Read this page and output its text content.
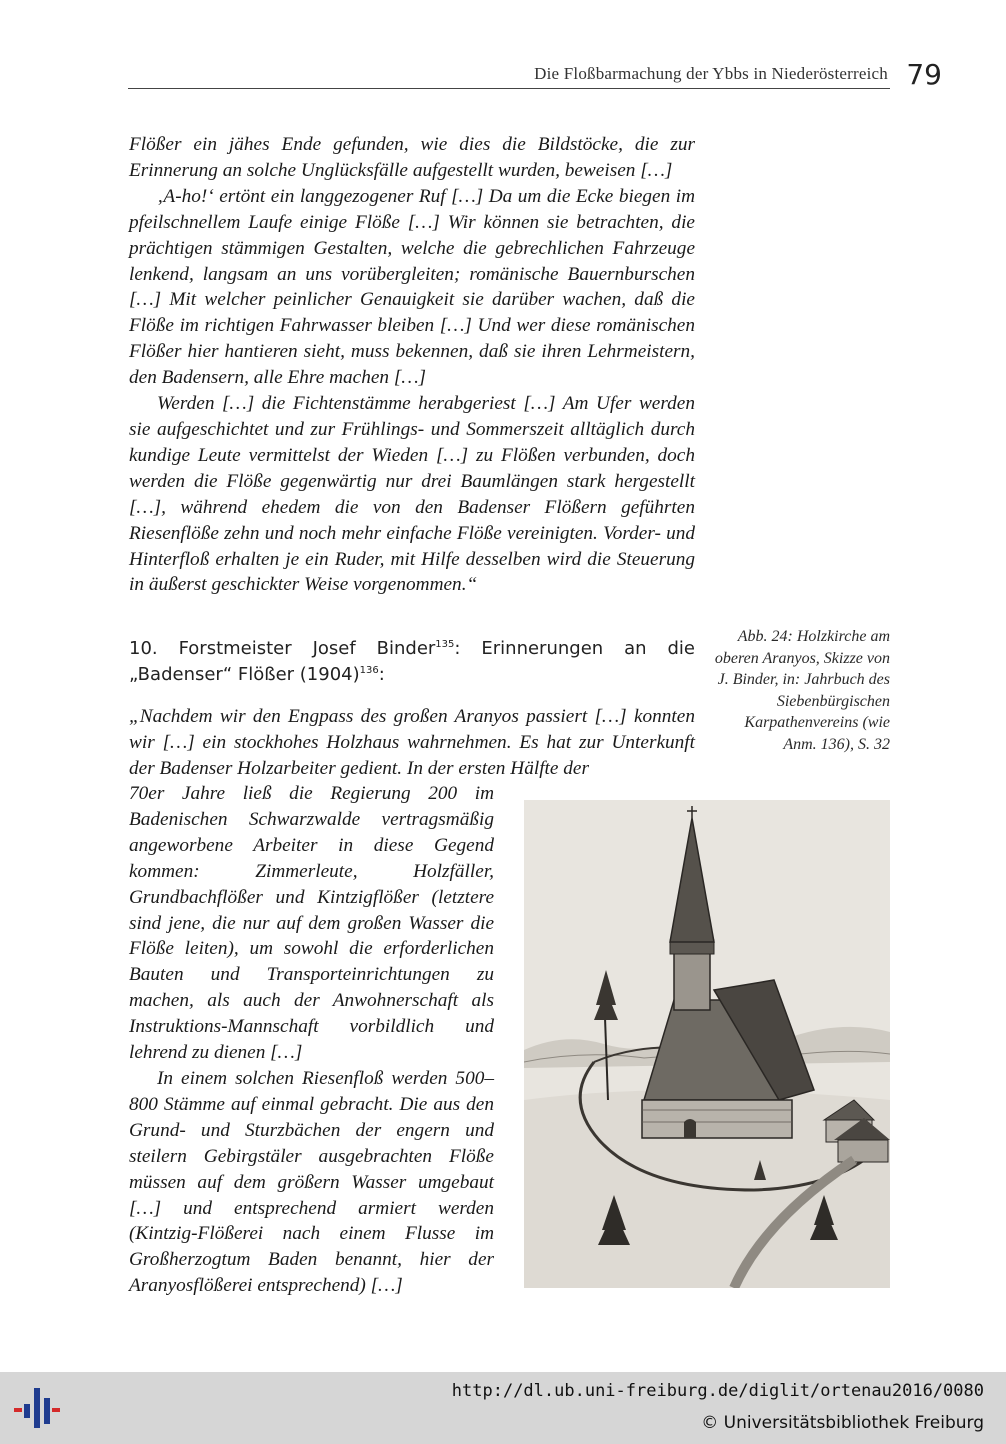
Die Floßbarmachung der Ybbs in Niederösterreich 79

Flößer ein jähes Ende gefunden, wie dies die Bildstöcke, die zur Erinnerung an solche Unglücksfälle aufgestellt wurden, beweisen […]

‚A-ho!‘ ertönt ein langgezogener Ruf […] Da um die Ecke biegen im pfeilschnellem Laufe einige Flöße […] Wir können sie betrachten, die prächtigen stämmigen Gestalten, welche die gebrechlichen Fahrzeuge lenkend, langsam an uns vorübergleiten; romänische Bauernburschen […] Mit welcher peinlicher Genauigkeit sie darüber wachen, daß die Flöße im richtigen Fahrwasser bleiben […] Und wer diese romänischen Flößer hier hantieren sieht, muss bekennen, daß sie ihren Lehrmeistern, den Badensern, alle Ehre machen […]

Werden […] die Fichtenstämme herabgeriest […] Am Ufer werden sie aufgeschichtet und zur Frühlings- und Sommerszeit alltäglich durch kundige Leute vermittelst der Wieden […] zu Flößen verbunden, doch werden die Flöße gegenwärtig nur drei Baumlängen stark hergestellt […], während ehedem die von den Badenser Flößern geführten Riesenflöße zehn und noch mehr einfache Flöße vereinigten. Vorder- und Hinterfloß erhalten je ein Ruder, mit Hilfe desselben wird die Steuerung in äußerst geschickter Weise vorgenommen.“

10. Forstmeister Josef Binder$^{135}$: Erinnerungen an die „Badenser“ Flößer $(1904)^{136}$:

„Nachdem wir den Engpass des großen Aranyos passiert […] konnten wir […] ein stockhohes Holzhaus wahrnehmen. Es hat zur Unterkunft der Badenser Holzarbeiter gedient. In der ersten Hälfte der

70er Jahre ließ die Regierung 200 im Badenischen Schwarzwalde vertragsmäßig angeworbene Arbeiter in diese Gegend kommen: Zimmerleute, Holzfäller, Grundbachflößer und Kintzigflößer (letztere sind jene, die nur auf dem großen Wasser die Flöße leiten), um sowohl die erforderlichen Bauten und Transporteinrichtungen zu machen, als auch der Anwohnerschaft als Instruktions-Mannschaft vorbildlich und lehrend zu dienen […]

In einem solchen Riesenfloß werden 500–800 Stämme auf einmal gebracht. Die aus den Grund- und Sturzbächen der engern und steilern Gebirgstäler ausgebrachten Flöße müssen auf dem größern Wasser umgebaut […] und entsprechend armiert werden (Kintzig-Flößerei nach einem Flusse im Großherzogtum Baden benannt, hier der Aranyosflößerei entsprechend) […]

Abb. 24: Holzkirche am oberen Aranyos, Skizze von J. Binder, in: Jahrbuch des Siebenbürgischen Karpathenvereins (wie Anm. 136), S. 32
http://dl.ub.uni-freiburg.de/diglit/ortenau2016/0080
© Universitätsbibliothek Freiburg
